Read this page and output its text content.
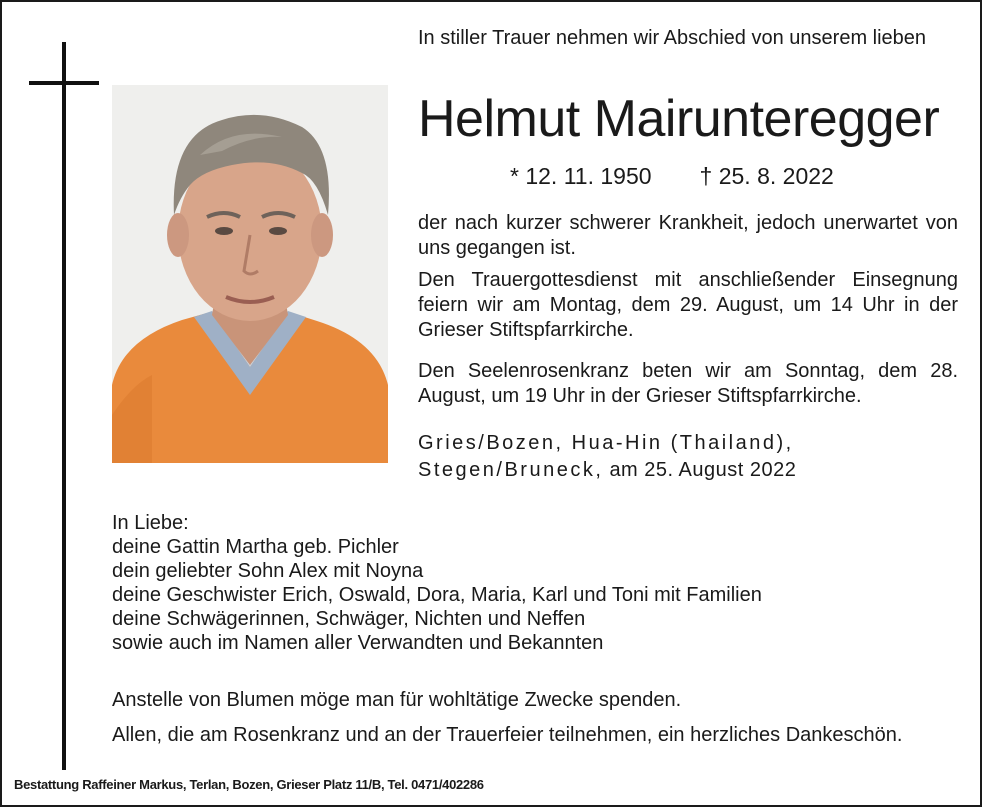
In stiller Trauer nehmen wir Abschied von unserem lieben
Helmut Mairunteregger
* 12. 11. 1950 † 25. 8. 2022
der nach kurzer schwerer Krankheit, jedoch unerwartet von uns gegangen ist.
Den Trauergottesdienst mit anschließender Einsegnung feiern wir am Montag, dem 29. August, um 14 Uhr in der Grieser Stiftspfarrkirche.
Den Seelenrosenkranz beten wir am Sonntag, dem 28. August, um 19 Uhr in der Grieser Stiftspfarrkirche.
Gries/Bozen, Hua-Hin (Thailand),
Stegen/Bruneck, am 25. August 2022
In Liebe:
deine Gattin Martha geb. Pichler
dein geliebter Sohn Alex mit Noyna
deine Geschwister Erich, Oswald, Dora, Maria, Karl und Toni mit Familien
deine Schwägerinnen, Schwäger, Nichten und Neffen
sowie auch im Namen aller Verwandten und Bekannten
Anstelle von Blumen möge man für wohltätige Zwecke spenden.
Allen, die am Rosenkranz und an der Trauerfeier teilnehmen, ein herzliches Dankeschön.
Bestattung Raffeiner Markus, Terlan, Bozen, Grieser Platz 11/B, Tel. 0471/402286
